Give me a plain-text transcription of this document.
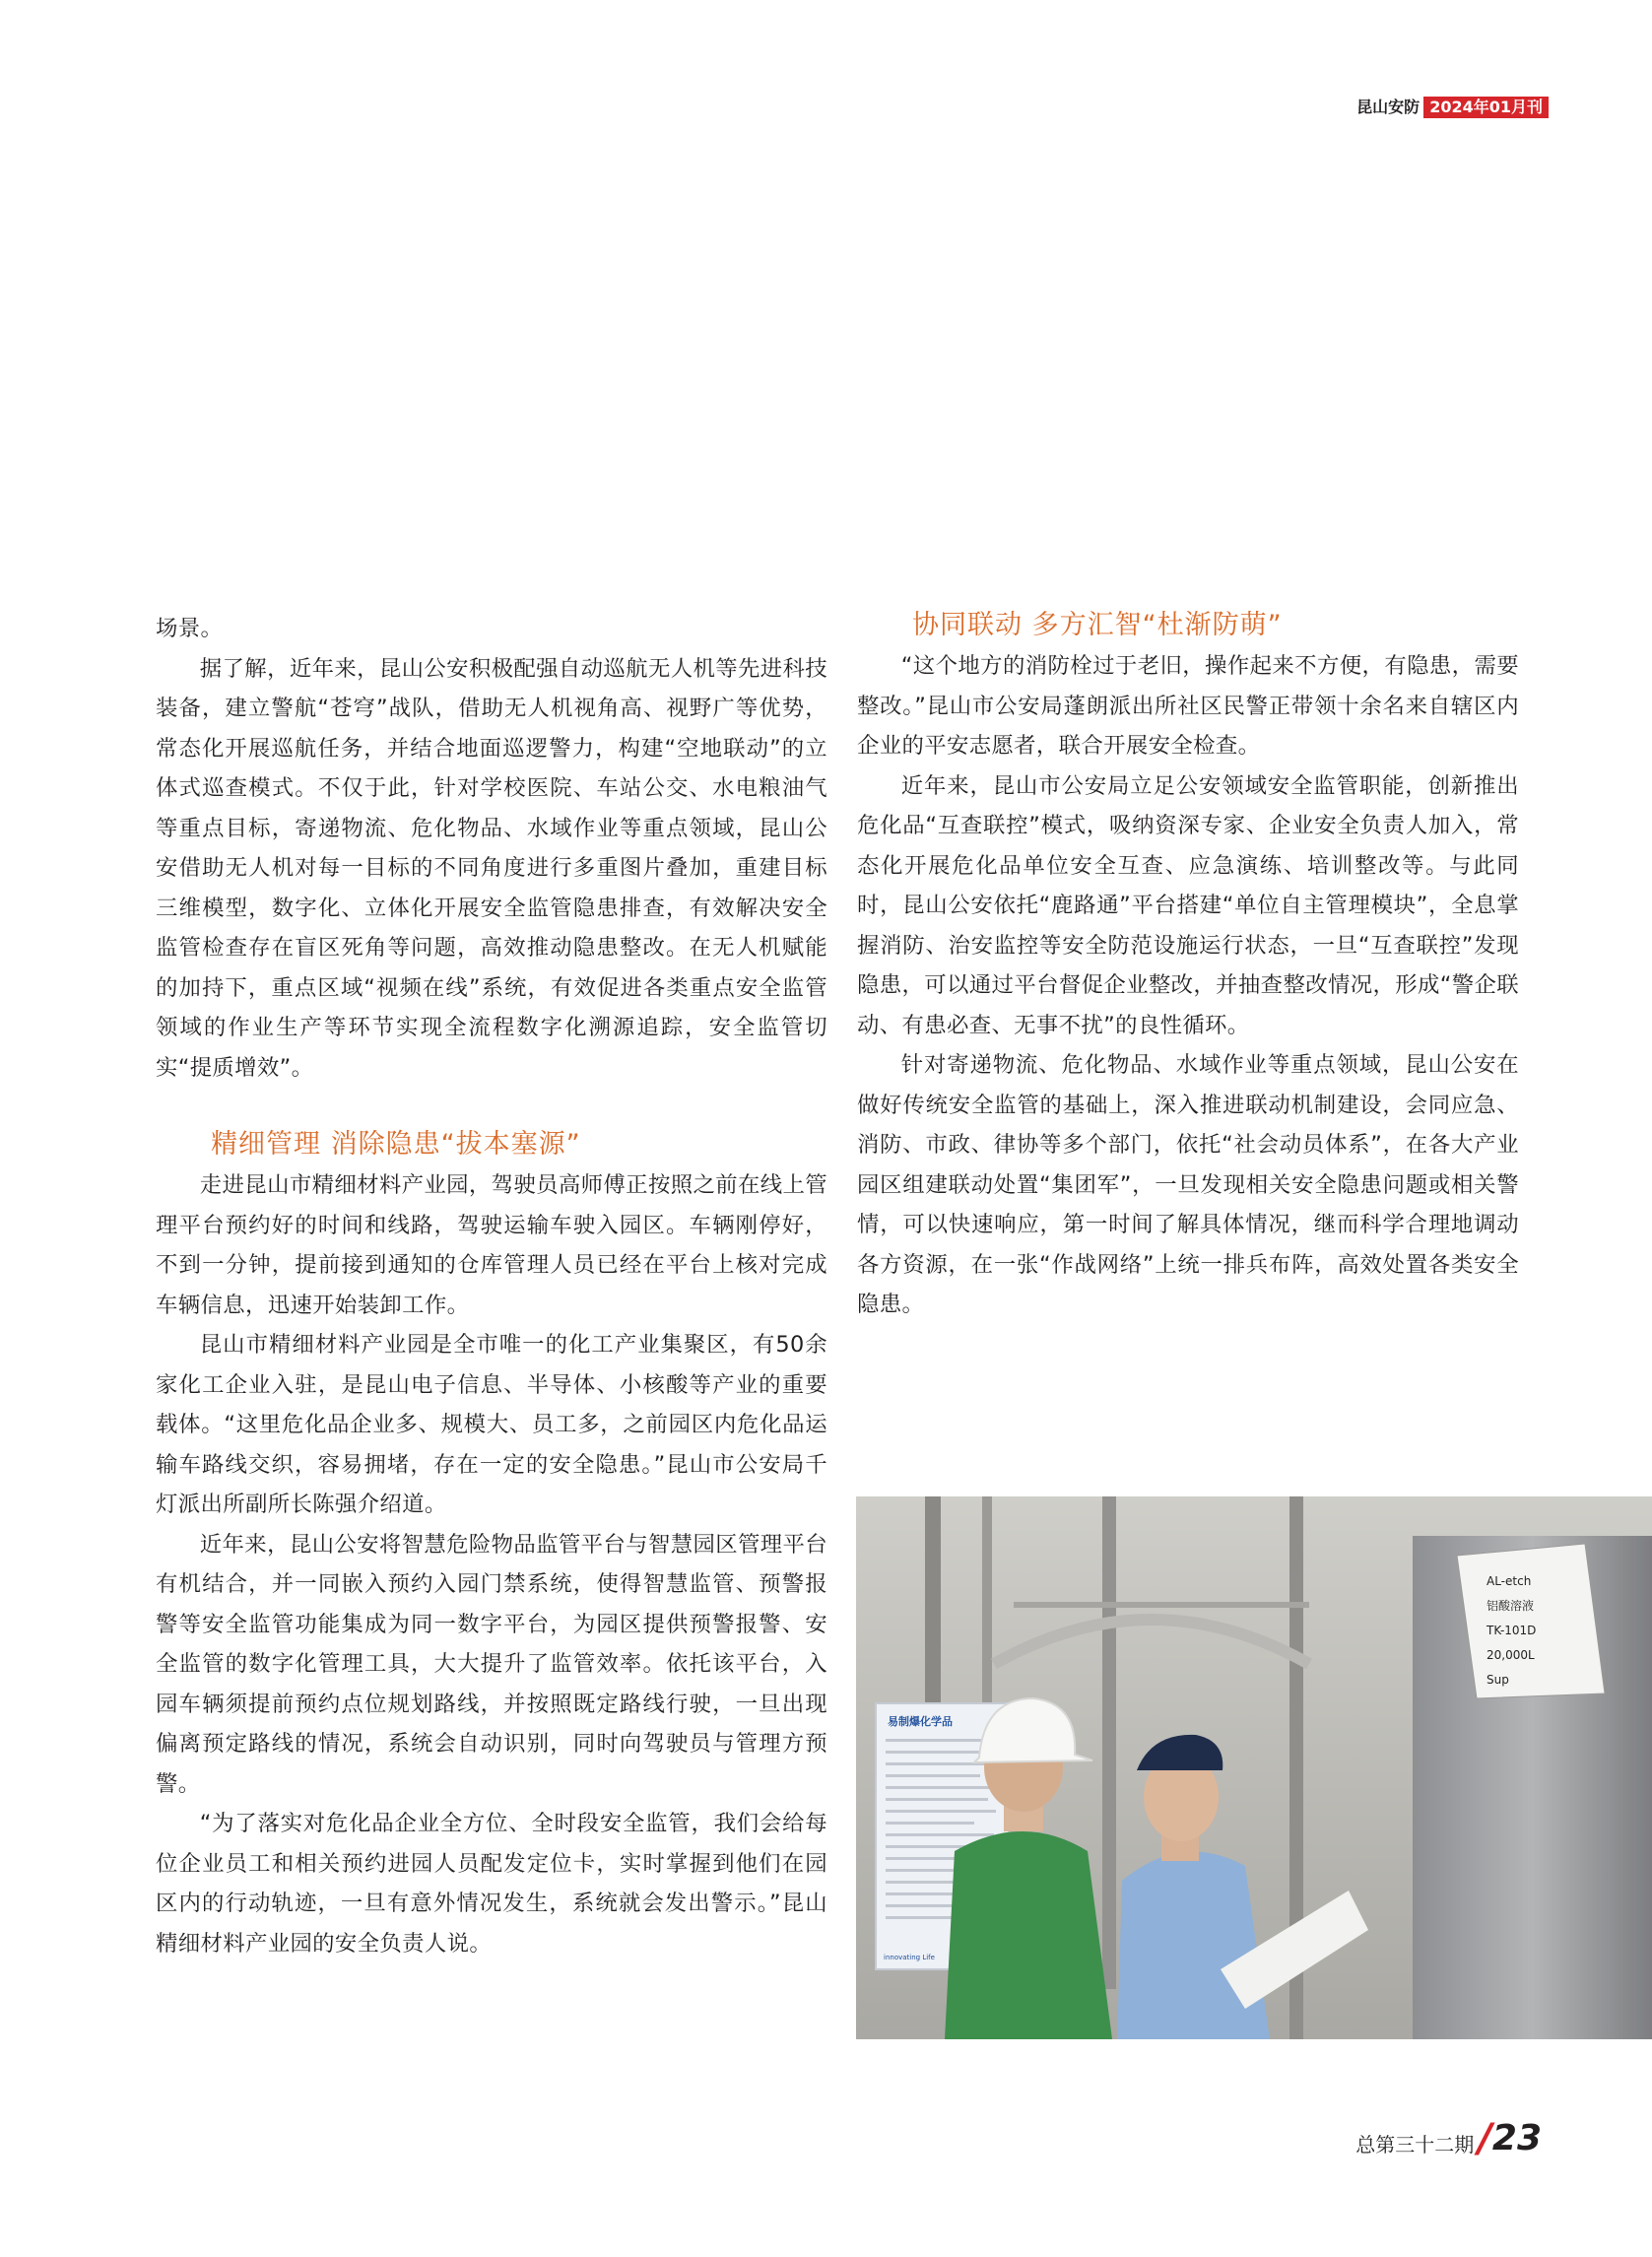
昆山安防 2024年01月刊

场景。

据了解，近年来，昆山公安积极配强自动巡航无人机等先进科技装备，建立警航“苍穹”战队，借助无人机视角高、视野广等优势，常态化开展巡航任务，并结合地面巡逻警力，构建“空地联动”的立体式巡查模式。不仅于此，针对学校医院、车站公交、水电粮油气等重点目标，寄递物流、危化物品、水域作业等重点领域，昆山公安借助无人机对每一目标的不同角度进行多重图片叠加，重建目标三维模型，数字化、立体化开展安全监管隐患排查，有效解决安全监管检查存在盲区死角等问题，高效推动隐患整改。在无人机赋能的加持下，重点区域“视频在线”系统，有效促进各类重点安全监管领域的作业生产等环节实现全流程数字化溯源追踪，安全监管切实“提质增效”。

精细管理 消除隐患“拔本塞源”

走进昆山市精细材料产业园，驾驶员高师傅正按照之前在线上管理平台预约好的时间和线路，驾驶运输车驶入园区。车辆刚停好，不到一分钟，提前接到通知的仓库管理人员已经在平台上核对完成车辆信息，迅速开始装卸工作。

昆山市精细材料产业园是全市唯一的化工产业集聚区，有50余家化工企业入驻，是昆山电子信息、半导体、小核酸等产业的重要载体。“这里危化品企业多、规模大、员工多，之前园区内危化品运输车路线交织，容易拥堵，存在一定的安全隐患。”昆山市公安局千灯派出所副所长陈强介绍道。

近年来，昆山公安将智慧危险物品监管平台与智慧园区管理平台有机结合，并一同嵌入预约入园门禁系统，使得智慧监管、预警报警等安全监管功能集成为同一数字平台，为园区提供预警报警、安全监管的数字化管理工具，大大提升了监管效率。依托该平台，入园车辆须提前预约点位规划路线，并按照既定路线行驶，一旦出现偏离预定路线的情况，系统会自动识别，同时向驾驶员与管理方预警。

“为了落实对危化品企业全方位、全时段安全监管，我们会给每位企业员工和相关预约进园人员配发定位卡，实时掌握到他们在园区内的行动轨迹，一旦有意外情况发生，系统就会发出警示。”昆山精细材料产业园的安全负责人说。

协同联动 多方汇智“杜渐防萌”

“这个地方的消防栓过于老旧，操作起来不方便，有隐患，需要整改。”昆山市公安局蓬朗派出所社区民警正带领十余名来自辖区内企业的平安志愿者，联合开展安全检查。

近年来，昆山市公安局立足公安领域安全监管职能，创新推出危化品“互查联控”模式，吸纳资深专家、企业安全负责人加入，常态化开展危化品单位安全互查、应急演练、培训整改等。与此同时，昆山公安依托“鹿路通”平台搭建“单位自主管理模块”，全息掌握消防、治安监控等安全防范设施运行状态，一旦“互查联控”发现隐患，可以通过平台督促企业整改，并抽查整改情况，形成“警企联动、有患必查、无事不扰”的良性循环。

针对寄递物流、危化物品、水域作业等重点领域，昆山公安在做好传统安全监管的基础上，深入推进联动机制建设，会同应急、消防、市政、律协等多个部门，依托“社会动员体系”，在各大产业园区组建联动处置“集团军”，一旦发现相关安全隐患问题或相关警情，可以快速响应，第一时间了解具体情况，继而科学合理地调动各方资源，在一张“作战网络”上统一排兵布阵，高效处置各类安全隐患。

AL-etch
铝酸溶液
TK-101D
20,000L
Sup
易制爆化学品
innovating Life
总第三十二期 / 23
